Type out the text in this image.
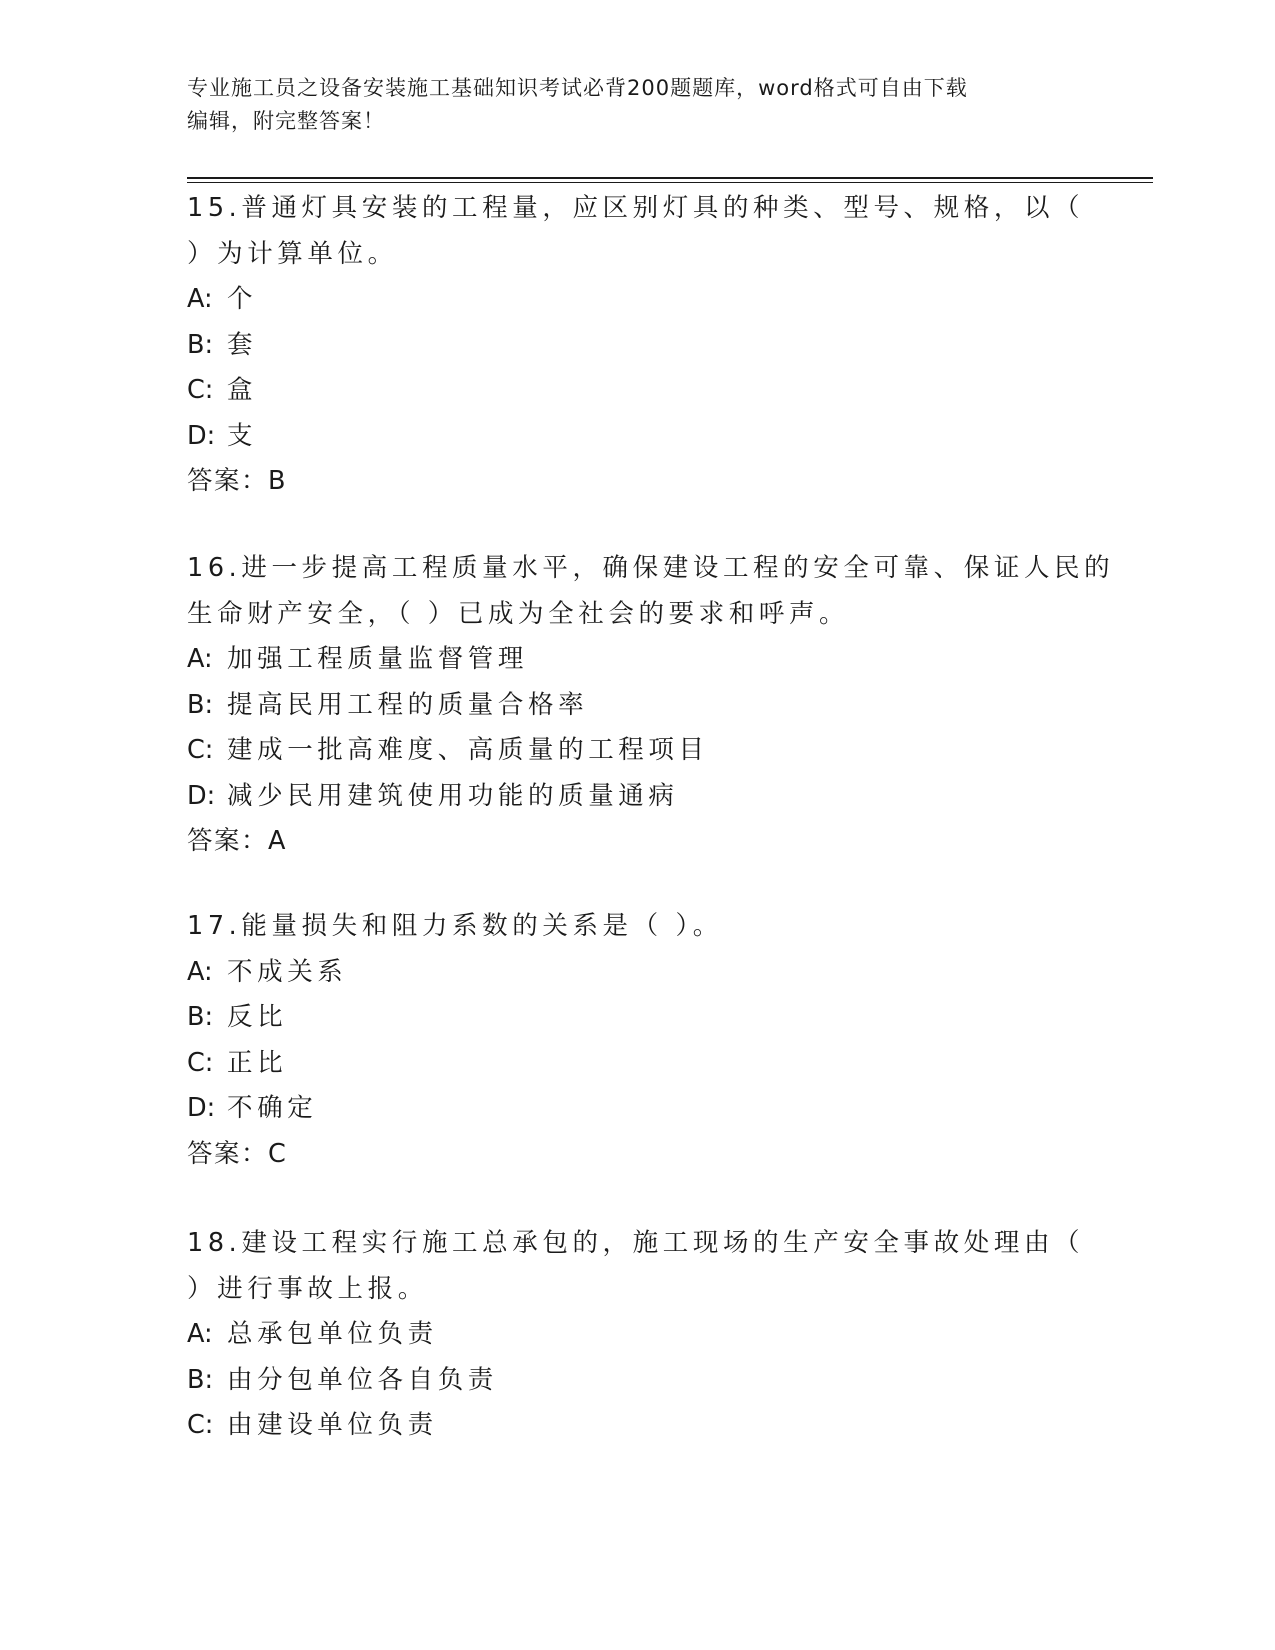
专业施工员之设备安装施工基础知识考试必背200题题库，word格式可自由下载
编辑，附完整答案！
15.普通灯具安装的工程量，应区别灯具的种类、型号、规格，以（
）为计算单位。
A: 个
B: 套
C: 盒
D: 支
答案：B
16.进一步提高工程质量水平，确保建设工程的安全可靠、保证人民的
生命财产安全，（ ）已成为全社会的要求和呼声。
A: 加强工程质量监督管理
B: 提高民用工程的质量合格率
C: 建成一批高难度、高质量的工程项目
D: 减少民用建筑使用功能的质量通病
答案：A
17.能量损失和阻力系数的关系是（ ）。
A: 不成关系
B: 反比
C: 正比
D: 不确定
答案：C
18.建设工程实行施工总承包的，施工现场的生产安全事故处理由（
）进行事故上报。
A: 总承包单位负责
B: 由分包单位各自负责
C: 由建设单位负责
